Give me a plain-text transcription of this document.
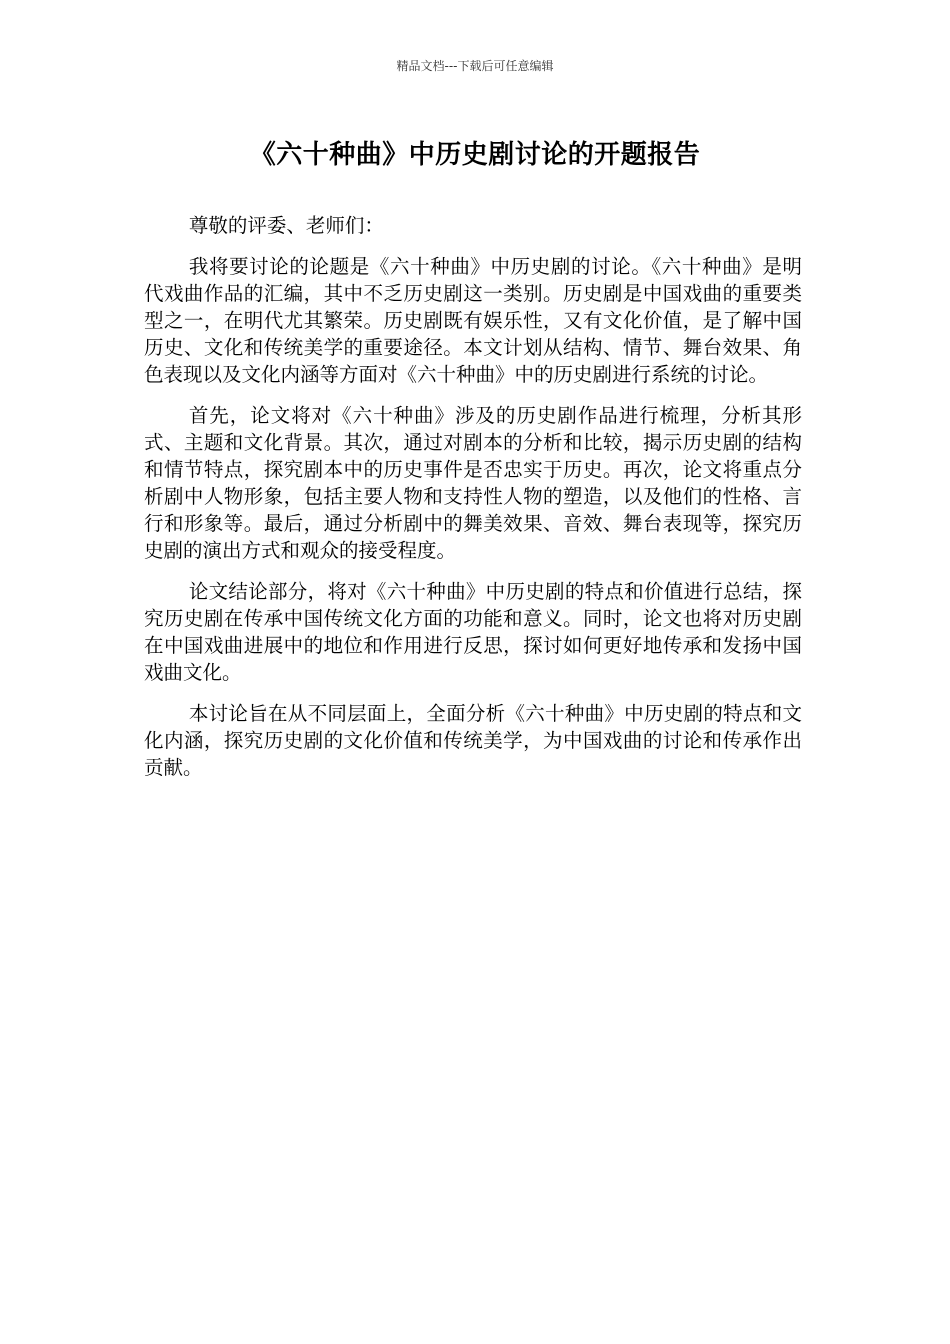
精品文档---下载后可任意编辑
《六十种曲》中历史剧讨论的开题报告

尊敬的评委、老师们：

我将要讨论的论题是《六十种曲》中历史剧的讨论。《六十种曲》是明代戏曲作品的汇编，其中不乏历史剧这一类别。历史剧是中国戏曲的重要类型之一，在明代尤其繁荣。历史剧既有娱乐性，又有文化价值，是了解中国历史、文化和传统美学的重要途径。本文计划从结构、情节、舞台效果、角色表现以及文化内涵等方面对《六十种曲》中的历史剧进行系统的讨论。

首先，论文将对《六十种曲》涉及的历史剧作品进行梳理，分析其形式、主题和文化背景。其次，通过对剧本的分析和比较，揭示历史剧的结构和情节特点，探究剧本中的历史事件是否忠实于历史。再次，论文将重点分析剧中人物形象，包括主要人物和支持性人物的塑造，以及他们的性格、言行和形象等。最后，通过分析剧中的舞美效果、音效、舞台表现等，探究历史剧的演出方式和观众的接受程度。

论文结论部分，将对《六十种曲》中历史剧的特点和价值进行总结，探究历史剧在传承中国传统文化方面的功能和意义。同时，论文也将对历史剧在中国戏曲进展中的地位和作用进行反思，探讨如何更好地传承和发扬中国戏曲文化。

本讨论旨在从不同层面上，全面分析《六十种曲》中历史剧的特点和文化内涵，探究历史剧的文化价值和传统美学，为中国戏曲的讨论和传承作出贡献。
